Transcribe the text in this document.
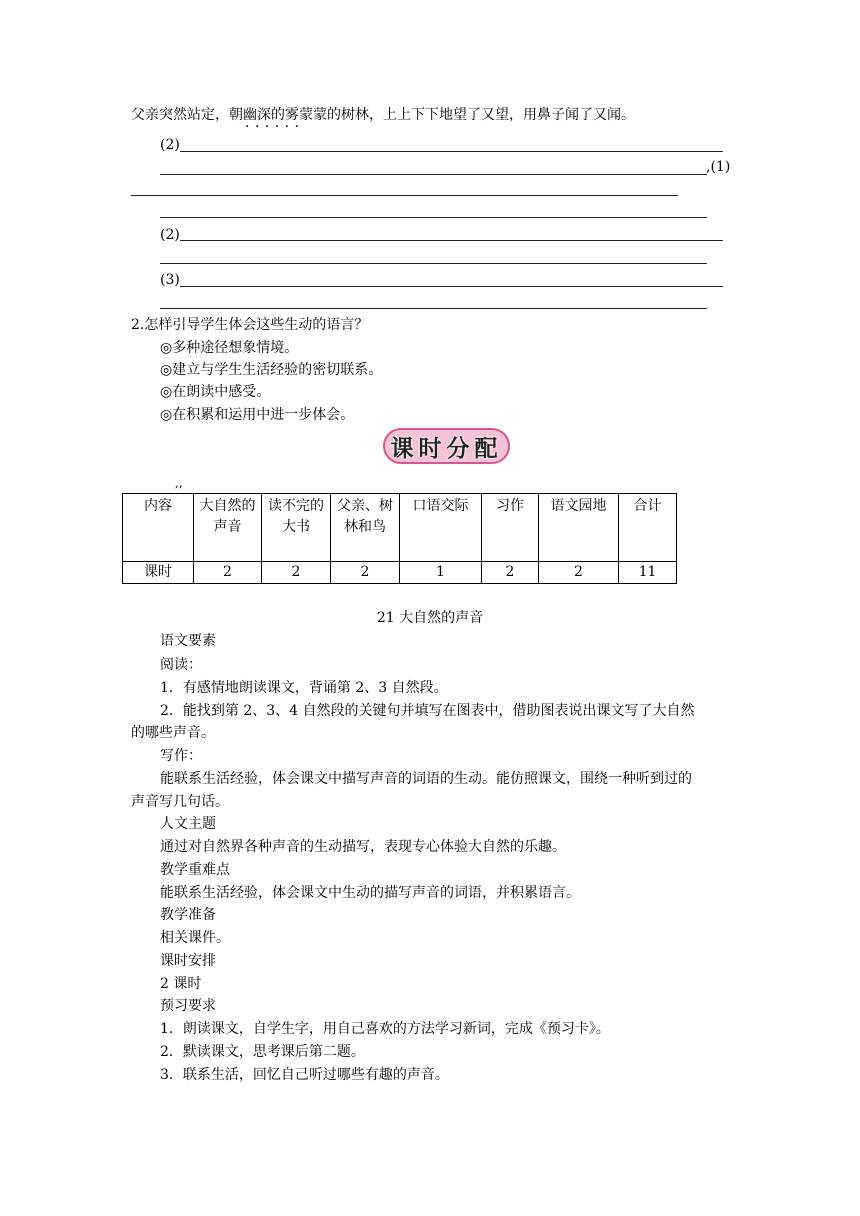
父亲突然站定，朝幽深的雾蒙蒙 · ·的树林，上上下下地望了又望，用鼻子闻了又闻。
(2)
,(1)
(2)
(3)
2.怎样引导学生体会这些生动的语言？
◎多种途径想象情境。
◎建立与学生生活经验的密切联系。
◎在朗读中感受。
◎在积累和运用中进一步体会。
课时分配
,,
内容	大自然的声音	读不完的大书	父亲、树林和鸟	口语交际	习作	语文园地	合计
课时	2	2	2	1	2	2	11
21 大自然的声音
语文要素
阅读：
1．有感情地朗读课文，背诵第 2、3 自然段。
2．能找到第 2、3、4 自然段的关键句并填写在图表中，借助图表说出课文写了大自然
的哪些声音。
写作：
能联系生活经验，体会课文中描写声音的词语的生动。能仿照课文，围绕一种听到过的
声音写几句话。
人文主题
通过对自然界各种声音的生动描写，表现专心体验大自然的乐趣。
教学重难点
能联系生活经验，体会课文中生动的描写声音的词语，并积累语言。
教学准备
相关课件。
课时安排
2 课时
预习要求
1．朗读课文，自学生字，用自己喜欢的方法学习新词，完成《预习卡》。
2．默读课文，思考课后第二题。
3．联系生活，回忆自己听过哪些有趣的声音。
